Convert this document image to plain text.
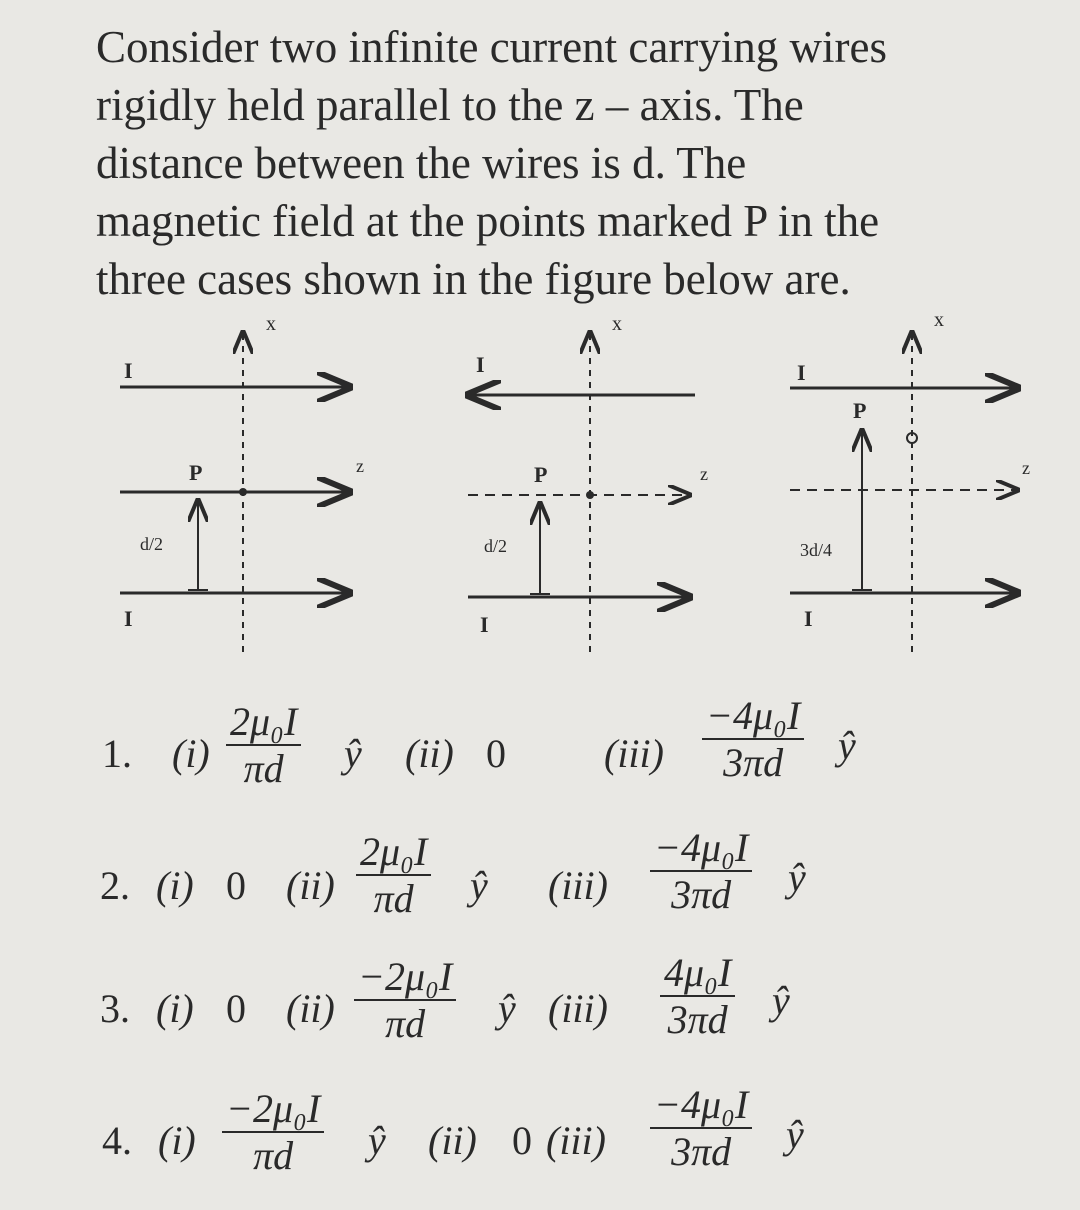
Consider two infinite current carrying wires
rigidly held parallel to the z – axis. The
distance between the wires is d. The
magnetic field at the points marked P in the
three cases shown in the figure below are.
x
I
z
I
P
d/2
x
I
z
I
P
d/2
x
I
z
I
P
3d/4
1. $(i) \frac{\text{2μ₀I}}{\pi d}$ ŷ (ii) 0 $(iii) \frac{\text{−4μ₀I}}{3\pi d}$ ŷ
2. (i) 0 $(ii) \frac{\text{2μ₀I}}{\pi d}$ ŷ $(iii) \frac{\text{−4μ₀I}}{3\pi d}$ ŷ
3. (i) 0 $(ii) \frac{\text{−2μ₀I}}{\pi d}$ ŷ $(iii) \frac{\text{4μ₀I}}{3\pi d}$ ŷ
4. $(i) \frac{\text{−2μ₀I}}{\pi d}$ ŷ (ii) 0 $(iii) \frac{\text{−4μ₀I}}{3\pi d}$ ŷ
